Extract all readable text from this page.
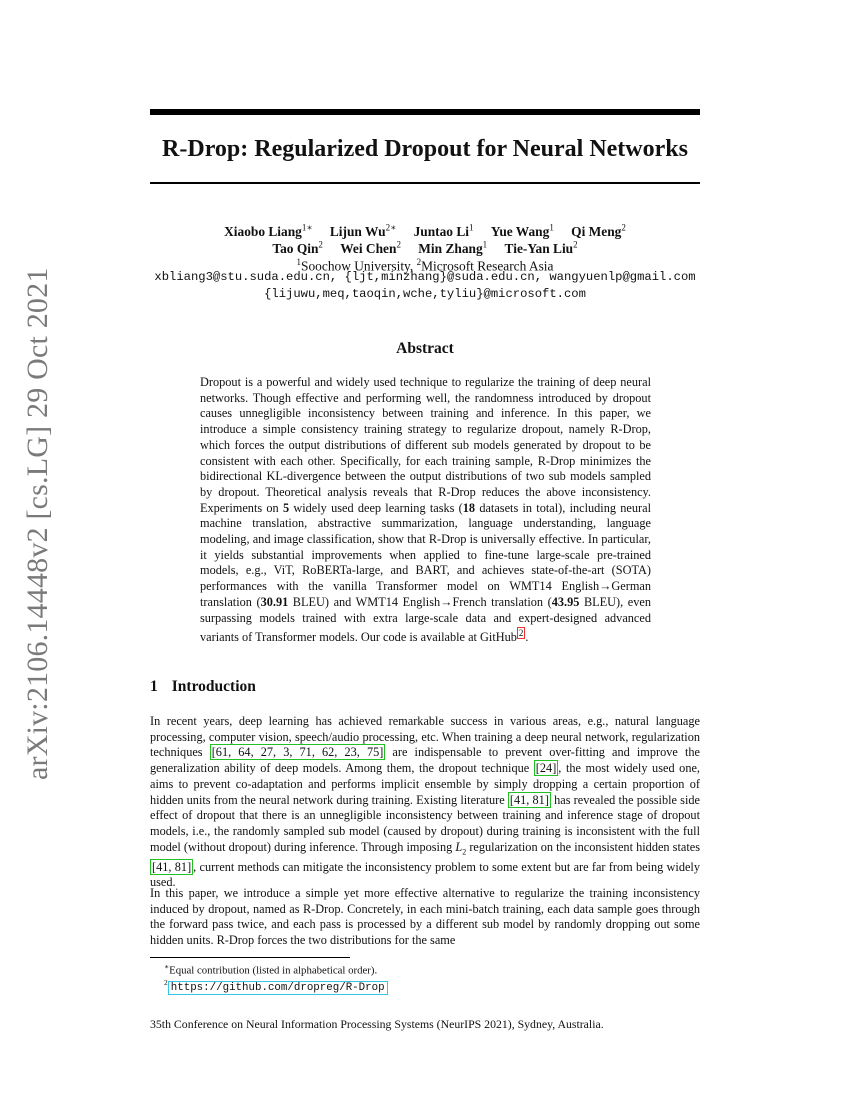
arXiv:2106.14448v2 [cs.LG] 29 Oct 2021
R-Drop: Regularized Dropout for Neural Networks
Xiaobo Liang$^{1∗}$ Lijun $Wu^{2∗}$ Juntao Li$^1$ Yue Wang$^1$ Qi Meng$^2$
Tao Qin$^2$ Wei Chen$^2$ Min Zhang$^1$ Tie-Yan Liu$^2$
$^1$Soochow University, $^2$Microsoft Research Asia
xbliang3@stu.suda.edu.cn, {ljt,minzhang}@suda.edu.cn, wangyuenlp@gmail.com
{lijuwu,meq,taoqin,wche,tyliu}@microsoft.com
Abstract
Dropout is a powerful and widely used technique to regularize the training of deep neural networks. Though effective and performing well, the randomness introduced by dropout causes unnegligible inconsistency between training and inference. In this paper, we introduce a simple consistency training strategy to regularize dropout, namely R-Drop, which forces the output distributions of different sub models generated by dropout to be consistent with each other. Specifically, for each training sample, R-Drop minimizes the bidirectional KL-divergence between the output distributions of two sub models sampled by dropout. Theoretical analysis reveals that R-Drop reduces the above inconsistency. Experiments on 5 widely used deep learning tasks (18 datasets in total), including neural machine translation, abstractive summarization, language understanding, language modeling, and image classification, show that R-Drop is universally effective. In particular, it yields substantial improvements when applied to fine-tune large-scale pre-trained models, e.g., ViT, RoBERTa-large, and BART, and achieves state-of-the-art (SOTA) performances with the vanilla Transformer model on WMT14 English→German translation (30.91 BLEU) and WMT14 English→French translation (43.95 BLEU), even surpassing models trained with extra large-scale data and expert-designed advanced variants of Transformer models. Our code is available at GitHub $^2$ .
1 Introduction
In recent years, deep learning has achieved remarkable success in various areas, e.g., natural language processing, computer vision, speech/audio processing, etc. When training a deep neural network, regularization techniques [61, 64, 27, 3, 71, 62, 23, 75] are indispensable to prevent over-fitting and improve the generalization ability of deep models. Among them, the dropout technique [24] , the most widely used one, aims to prevent co-adaptation and performs implicit ensemble by simply dropping a certain proportion of hidden units from the neural network during training. Existing literature [41, 81] has revealed the possible side effect of dropout that there is an unnegligible inconsistency between training and inference stage of dropout models, i.e., the randomly sampled sub model (caused by dropout) during training is inconsistent with the full model (without dropout) during inference. Through imposing $L_2$ regularization on the inconsistent hidden states [41, 81] , current methods can mitigate the inconsistency problem to some extent but are far from being widely used.
In this paper, we introduce a simple yet more effective alternative to regularize the training inconsistency induced by dropout, named as R-Drop. Concretely, in each mini-batch training, each data sample goes through the forward pass twice, and each pass is processed by a different sub model by randomly dropping out some hidden units. R-Drop forces the two distributions for the same
∗Equal contribution (listed in alphabetical order).
$^2$ https://github.com/dropreg/R-Drop
35th Conference on Neural Information Processing Systems (NeurIPS 2021), Sydney, Australia.
